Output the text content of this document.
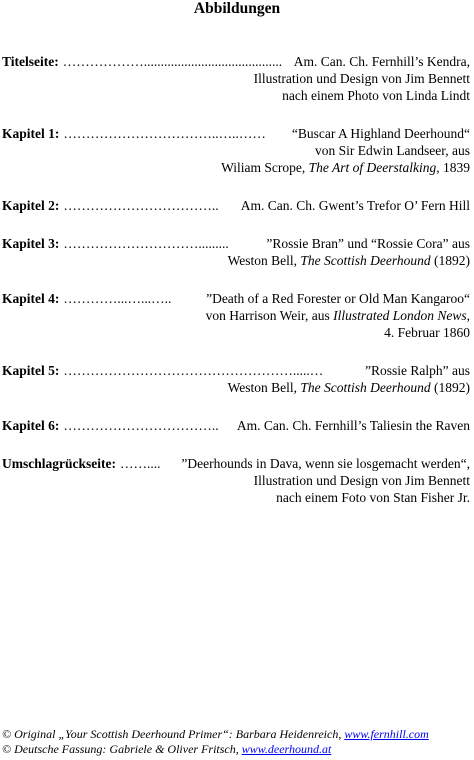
Abbildungen
Titelseite: ………………......................................... Am. Can. Ch. Fernhill’s Kendra,
Illustration und Design von Jim Bennett
nach einem Photo von Linda Lindt
Kapitel 1: ……………………………..…..……	“Buscar A Highland Deerhound“
von Sir Edwin Landseer, aus
Wiliam Scrope, The Art of Deerstalking, 1839
Kapitel 2: ……………………………..	Am. Can. Ch. Gwent’s Trefor O’ Fern Hill
Kapitel 3: ………………………….........	”Rossie Bran” und “Rossie Cora” aus
Weston Bell, The Scottish Deerhound (1892)
Kapitel 4: …………...…...…..	”Death of a Red Forester or Old Man Kangaroo“
von Harrison Weir, aus Illustrated London News,
4. Februar 1860
Kapitel 5: …………………………………………….....…	”Rossie Ralph” aus
Weston Bell, The Scottish Deerhound (1892)
Kapitel 6: ……………………………..	Am. Can. Ch. Fernhill’s Taliesin the Raven
Umschlagrückseite: ……....	”Deerhounds in Dava, wenn sie losgemacht werden“,
Illustration und Design von Jim Bennett
nach einem Foto von Stan Fisher Jr.
© Original „Your Scottish Deerhound Primer“: Barbara Heidenreich, www.fernhill.com
© Deutsche Fassung: Gabriele & Oliver Fritsch, www.deerhound.at
